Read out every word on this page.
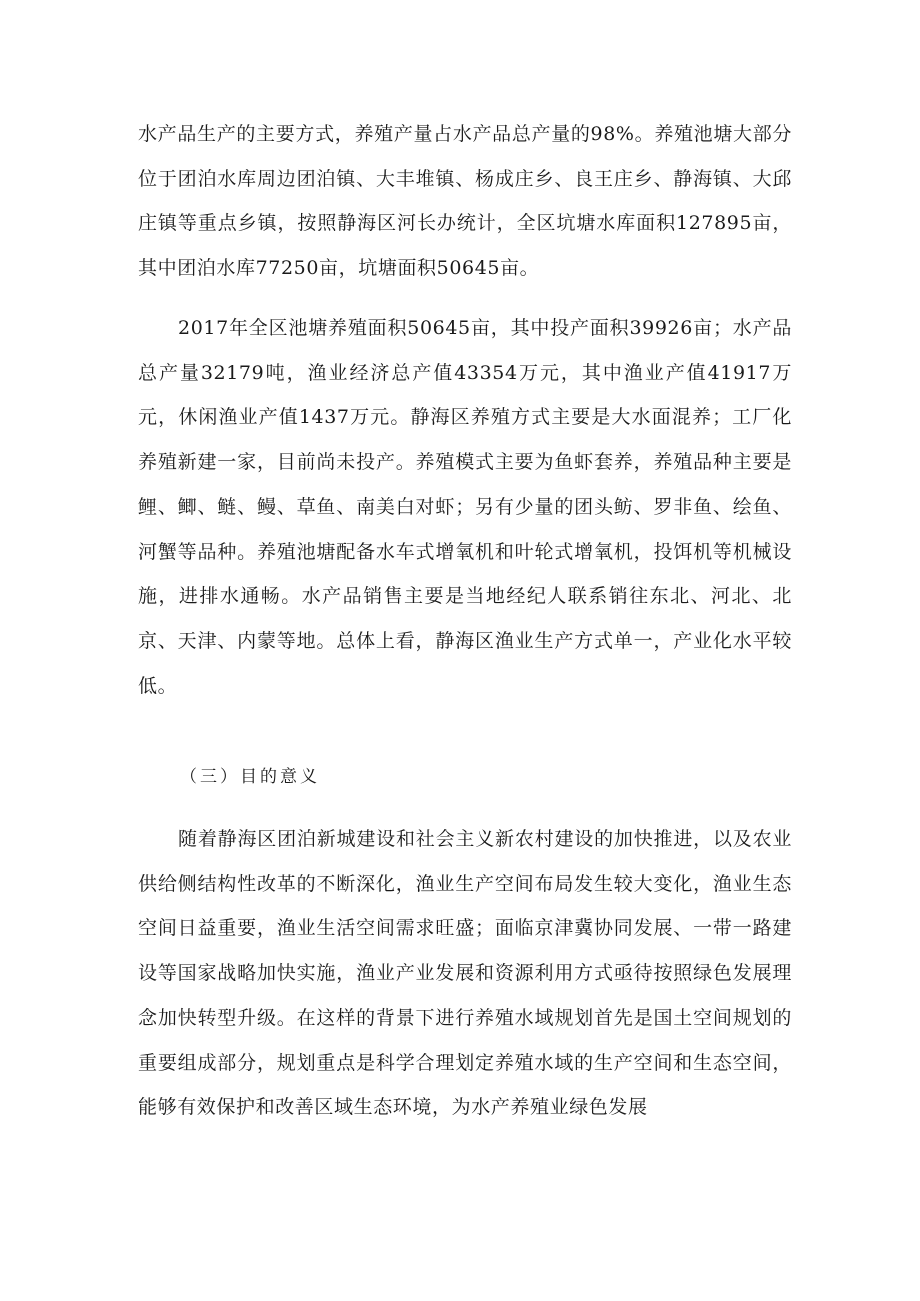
水产品生产的主要方式，养殖产量占水产品总产量的98%。养殖池塘大部分位于团泊水库周边团泊镇、大丰堆镇、杨成庄乡、良王庄乡、静海镇、大邱庄镇等重点乡镇，按照静海区河长办统计，全区坑塘水库面积127895亩，其中团泊水库77250亩，坑塘面积50645亩。

2017年全区池塘养殖面积50645亩，其中投产面积39926亩；水产品总产量32179吨，渔业经济总产值43354万元，其中渔业产值41917万元，休闲渔业产值1437万元。静海区养殖方式主要是大水面混养；工厂化养殖新建一家，目前尚未投产。养殖模式主要为鱼虾套养，养殖品种主要是鲤、鲫、鲢、鳗、草鱼、南美白对虾；另有少量的团头鲂、罗非鱼、绘鱼、河蟹等品种。养殖池塘配备水车式增氧机和叶轮式增氧机，投饵机等机械设施，进排水通畅。水产品销售主要是当地经纪人联系销往东北、河北、北京、天津、内蒙等地。总体上看，静海区渔业生产方式单一，产业化水平较低。

（三）目的意义

随着静海区团泊新城建设和社会主义新农村建设的加快推进，以及农业供给侧结构性改革的不断深化，渔业生产空间布局发生较大变化，渔业生态空间日益重要，渔业生活空间需求旺盛；面临京津冀协同发展、一带一路建设等国家战略加快实施，渔业产业发展和资源利用方式亟待按照绿色发展理念加快转型升级。在这样的背景下进行养殖水域规划首先是国土空间规划的重要组成部分，规划重点是科学合理划定养殖水域的生产空间和生态空间，能够有效保护和改善区域生态环境，为水产养殖业绿色发展
